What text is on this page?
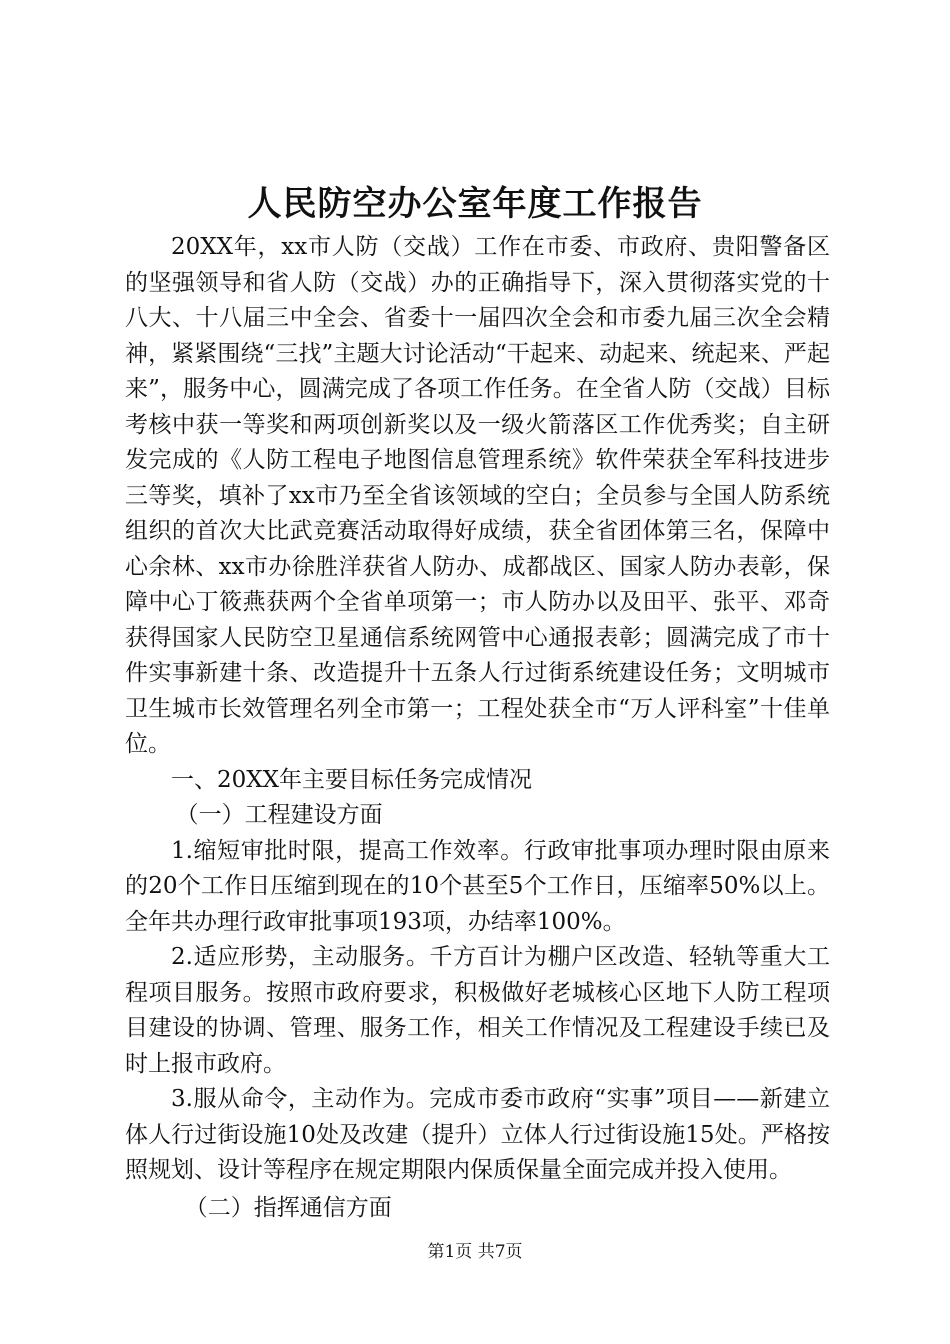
人民防空办公室年度工作报告

20XX年，xx市人防（交战）工作在市委、市政府、贵阳警备区的坚强领导和省人防（交战）办的正确指导下，深入贯彻落实党的十八大、十八届三中全会、省委十一届四次全会和市委九届三次全会精神，紧紧围绕“三找”主题大讨论活动“干起来、动起来、统起来、严起来”，服务中心，圆满完成了各项工作任务。在全省人防（交战）目标考核中获一等奖和两项创新奖以及一级火箭落区工作优秀奖；自主研发完成的《人防工程电子地图信息管理系统》软件荣获全军科技进步三等奖，填补了xx市乃至全省该领域的空白；全员参与全国人防系统组织的首次大比武竞赛活动取得好成绩，获全省团体第三名，保障中心余林、xx市办徐胜洋获省人防办、成都战区、国家人防办表彰，保障中心丁筱燕获两个全省单项第一；市人防办以及田平、张平、邓奇获得国家人民防空卫星通信系统网管中心通报表彰；圆满完成了市十件实事新建十条、改造提升十五条人行过街系统建设任务；文明城市卫生城市长效管理名列全市第一；工程处获全市“万人评科室”十佳单位。

一、20XX年主要目标任务完成情况

（一）工程建设方面

1.缩短审批时限，提高工作效率。行政审批事项办理时限由原来的20个工作日压缩到现在的10个甚至5个工作日，压缩率50%以上。全年共办理行政审批事项193项，办结率100%。

2.适应形势，主动服务。千方百计为棚户区改造、轻轨等重大工程项目服务。按照市政府要求，积极做好老城核心区地下人防工程项目建设的协调、管理、服务工作，相关工作情况及工程建设手续已及时上报市政府。

3.服从命令，主动作为。完成市委市政府“实事”项目——新建立体人行过街设施10处及改建（提升）立体人行过街设施15处。严格按照规划、设计等程序在规定期限内保质保量全面完成并投入使用。

（二）指挥通信方面

第1页 共7页
